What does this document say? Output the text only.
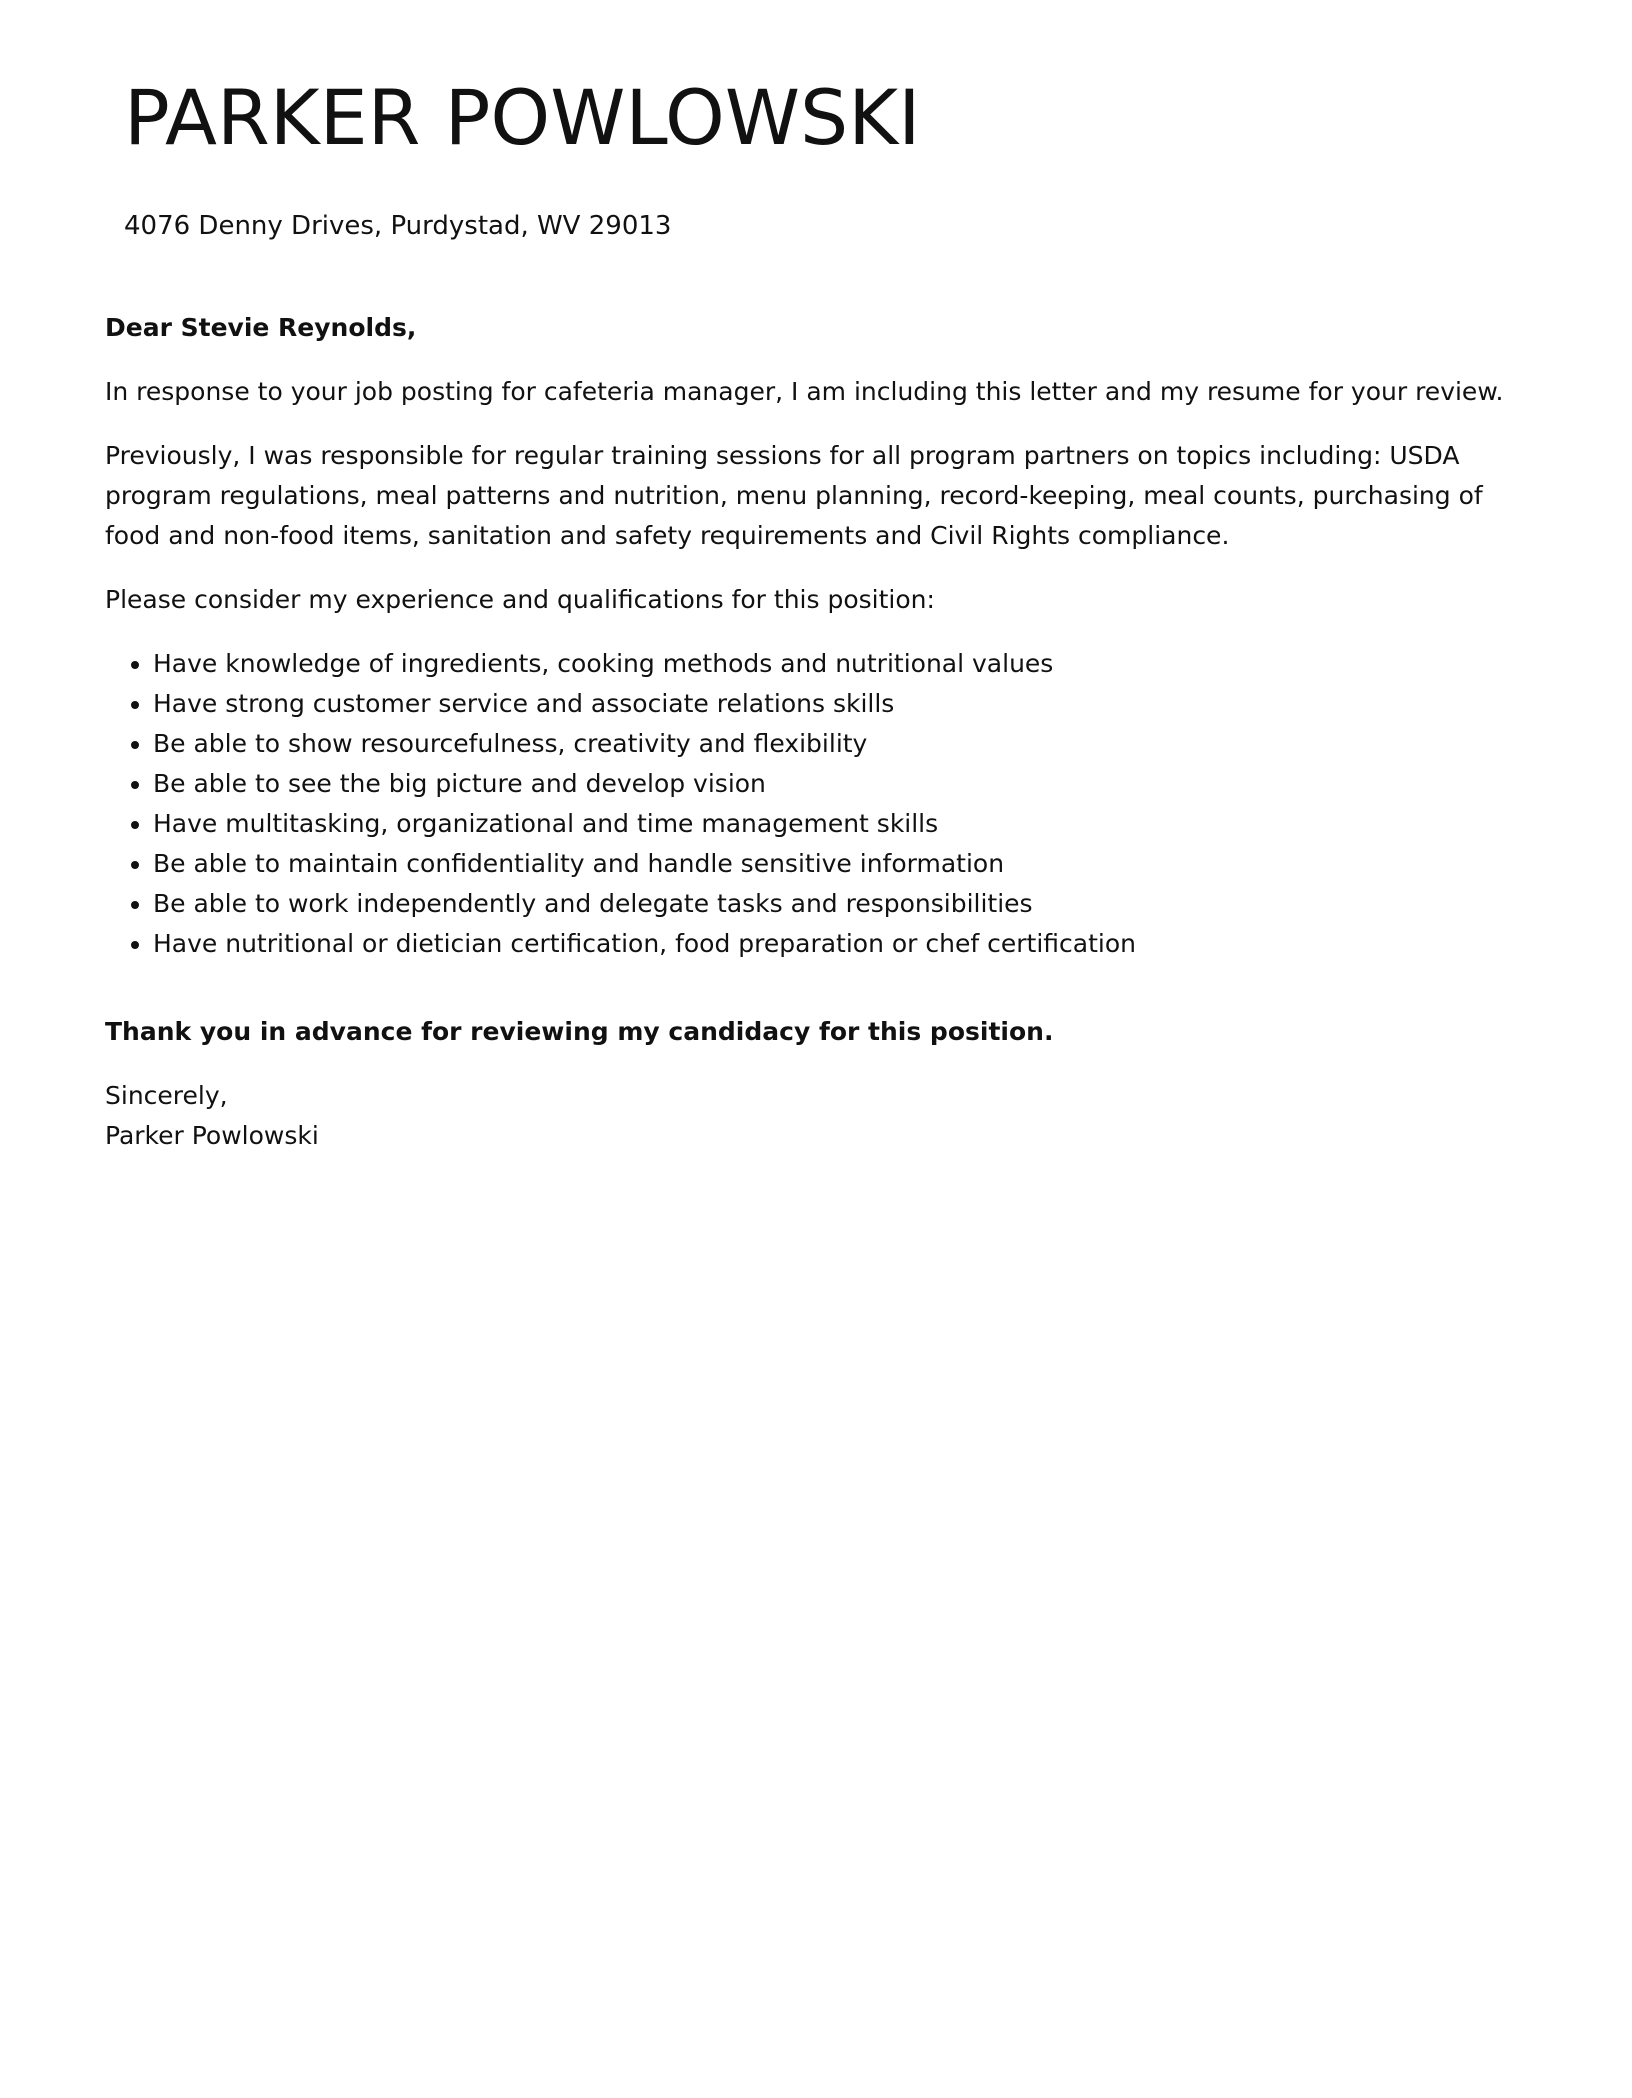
PARKER POWLOWSKI
4076 Denny Drives, Purdystad, WV 29013

Dear Stevie Reynolds,

In response to your job posting for cafeteria manager, I am including this letter and my resume for your review.

Previously, I was responsible for regular training sessions for all program partners on topics including: USDA program regulations, meal patterns and nutrition, menu planning, record-keeping, meal counts, purchasing of food and non-food items, sanitation and safety requirements and Civil Rights compliance.

Please consider my experience and qualifications for this position:

• Have knowledge of ingredients, cooking methods and nutritional values
• Have strong customer service and associate relations skills
• Be able to show resourcefulness, creativity and flexibility
• Be able to see the big picture and develop vision
• Have multitasking, organizational and time management skills
• Be able to maintain confidentiality and handle sensitive information
• Be able to work independently and delegate tasks and responsibilities
• Have nutritional or dietician certification, food preparation or chef certification

Thank you in advance for reviewing my candidacy for this position.

Sincerely,

Parker Powlowski
